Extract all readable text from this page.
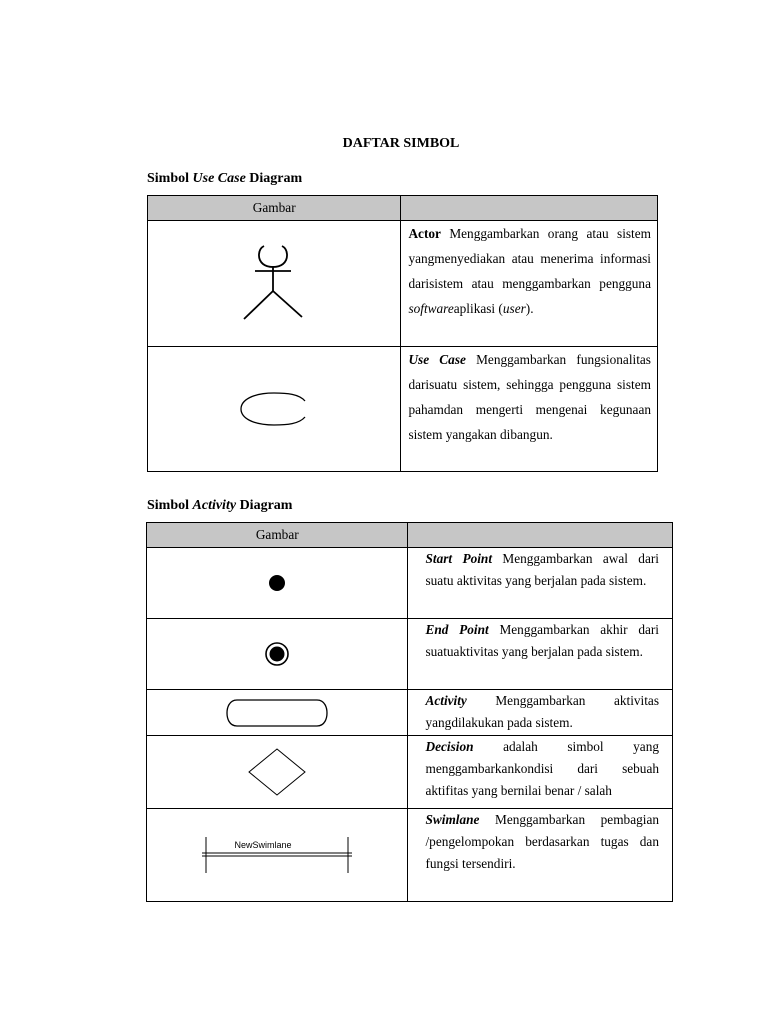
DAFTAR SIMBOL
Simbol Use Case Diagram
Gambar	

	Actor Menggambarkan orang atau sistem yangmenyediakan atau menerima informasi darisistem atau menggambarkan pengguna softwareaplikasi (user).

	Use Case Menggambarkan fungsionalitas darisuatu sistem, sehingga pengguna sistem pahamdan mengerti mengenai kegunaan sistem yangakan dibangun.
Simbol Activity Diagram
Gambar	

	Start Point Menggambarkan awal dari suatu aktivitas yang berjalan pada sistem.

	End Point Menggambarkan akhir dari suatuaktivitas yang berjalan pada sistem.

	Activity Menggambarkan aktivitas yangdilakukan pada sistem.

	Decision adalah simbol yang menggambarkankondisi dari sebuah aktifitas yang bernilai benar / salah

NewSwimlane	Swimlane Menggambarkan pembagian /pengelompokan berdasarkan tugas dan fungsi tersendiri.
